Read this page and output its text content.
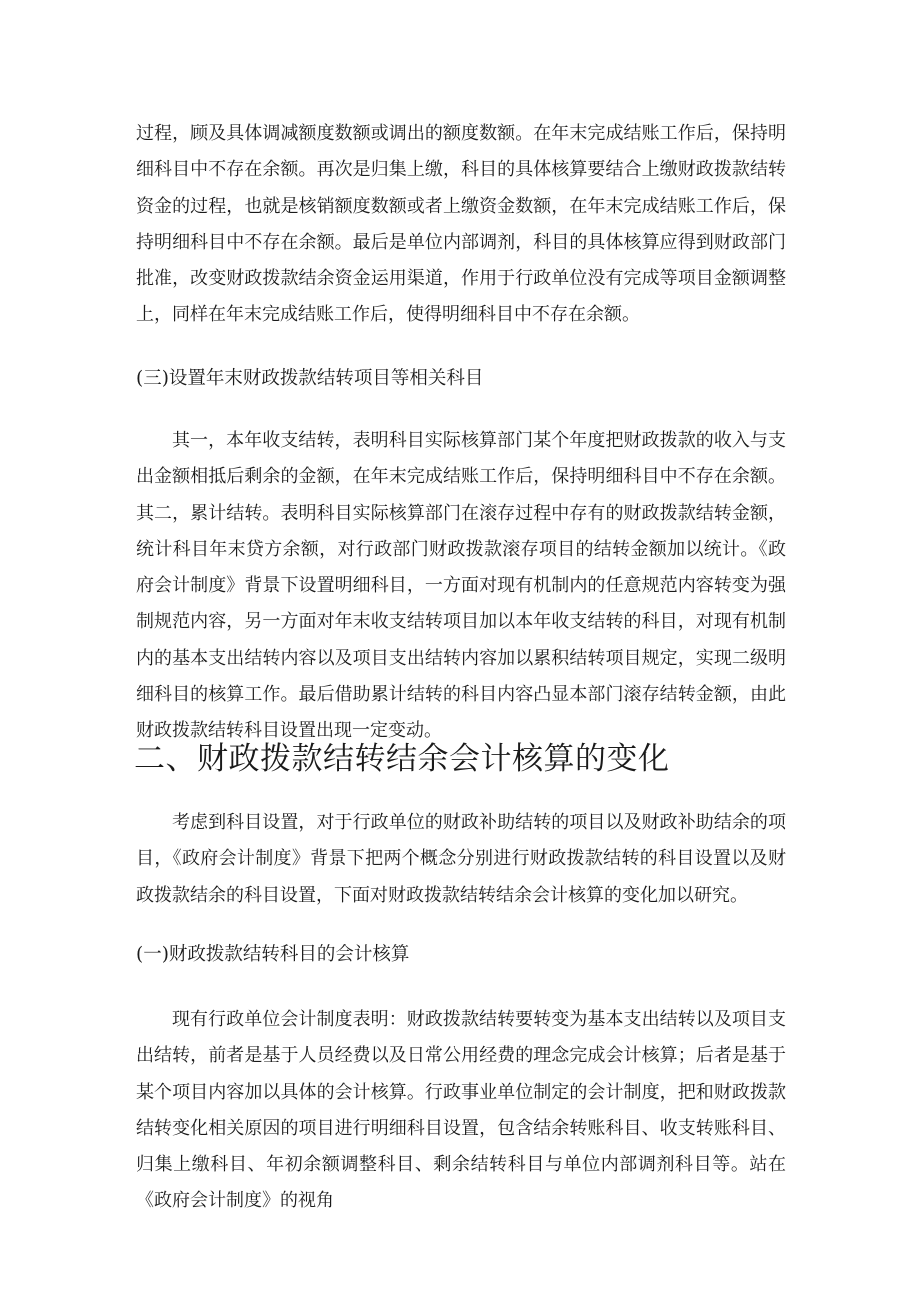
过程，顾及具体调减额度数额或调出的额度数额。在年末完成结账工作后，保持明细科目中不存在余额。再次是归集上缴，科目的具体核算要结合上缴财政拨款结转资金的过程，也就是核销额度数额或者上缴资金数额，在年末完成结账工作后，保持明细科目中不存在余额。最后是单位内部调剂，科目的具体核算应得到财政部门批准，改变财政拨款结余资金运用渠道，作用于行政单位没有完成等项目金额调整上，同样在年末完成结账工作后，使得明细科目中不存在余额。

(三)设置年末财政拨款结转项目等相关科目

其一，本年收支结转，表明科目实际核算部门某个年度把财政拨款的收入与支出金额相抵后剩余的金额，在年末完成结账工作后，保持明细科目中不存在余额。其二，累计结转。表明科目实际核算部门在滚存过程中存有的财政拨款结转金额，统计科目年末贷方余额，对行政部门财政拨款滚存项目的结转金额加以统计。《政府会计制度》背景下设置明细科目，一方面对现有机制内的任意规范内容转变为强制规范内容，另一方面对年末收支结转项目加以本年收支结转的科目，对现有机制内的基本支出结转内容以及项目支出结转内容加以累积结转项目规定，实现二级明细科目的核算工作。最后借助累计结转的科目内容凸显本部门滚存结转金额，由此财政拨款结转科目设置出现一定变动。

二、财政拨款结转结余会计核算的变化

考虑到科目设置，对于行政单位的财政补助结转的项目以及财政补助结余的项目，《政府会计制度》背景下把两个概念分别进行财政拨款结转的科目设置以及财政拨款结余的科目设置，下面对财政拨款结转结余会计核算的变化加以研究。

(一)财政拨款结转科目的会计核算

现有行政单位会计制度表明：财政拨款结转要转变为基本支出结转以及项目支出结转，前者是基于人员经费以及日常公用经费的理念完成会计核算；后者是基于某个项目内容加以具体的会计核算。行政事业单位制定的会计制度，把和财政拨款结转变化相关原因的项目进行明细科目设置，包含结余转账科目、收支转账科目、归集上缴科目、年初余额调整科目、剩余结转科目与单位内部调剂科目等。站在《政府会计制度》的视角
